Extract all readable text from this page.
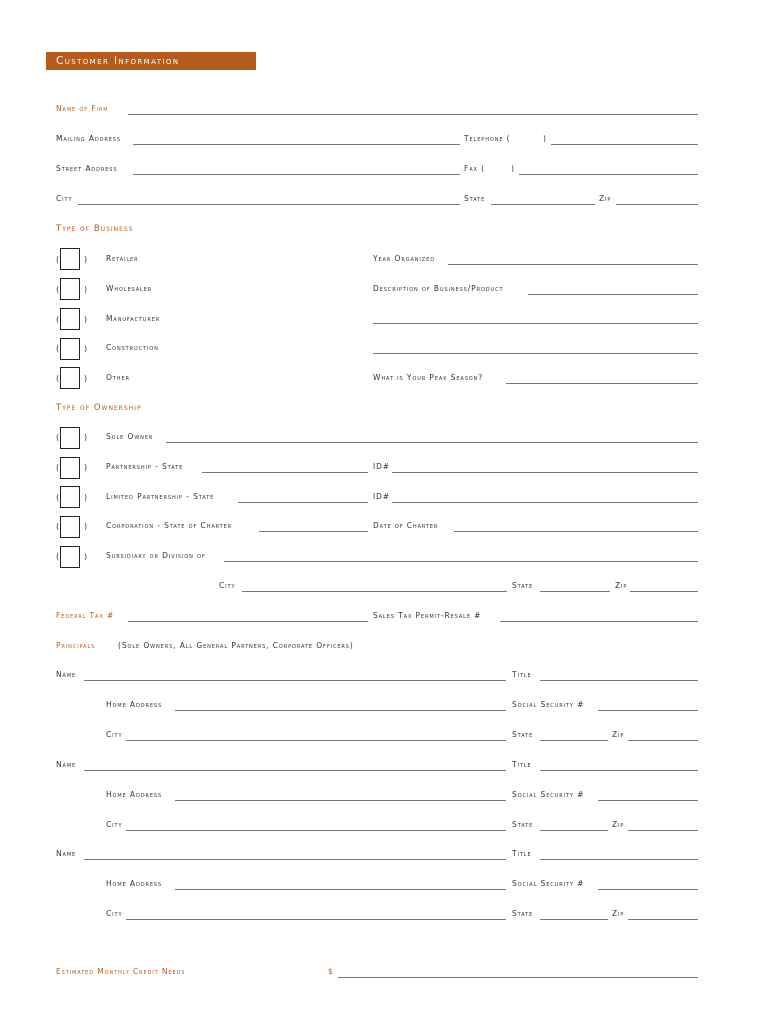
Customer Information
Name of Firm
Mailing Address	Telephone (	)
Street Address	Fax (	)
City	State	Zip
Type of Business
(	)	Retailer	Year Organized
(	)	Wholesaler	Description of Business/Product
(	)	Manufacturer
(	)	Construction
(	)	Other	What is Your Peak Season?
Type of Ownership
(	)	Sole Owner
(	)	Partnership - State	ID#
(	)	Limited Partnership - State	ID#
(	)	Corporation - State of Charter	Date of Charter
(	)	Subsidiary or Division of
City	State	Zip
Federal Tax #	Sales Tax Permit-Resale #
Principals	(Sole Owners, All General Partners, Corporate Officers)
Name	Title
Home Address	Social Security #
City	State	Zip
Name	Title
Home Address	Social Security #
City	State	Zip
Name	Title
Home Address	Social Security #
City	State	Zip
Estimated Monthly Credit Needs	$
